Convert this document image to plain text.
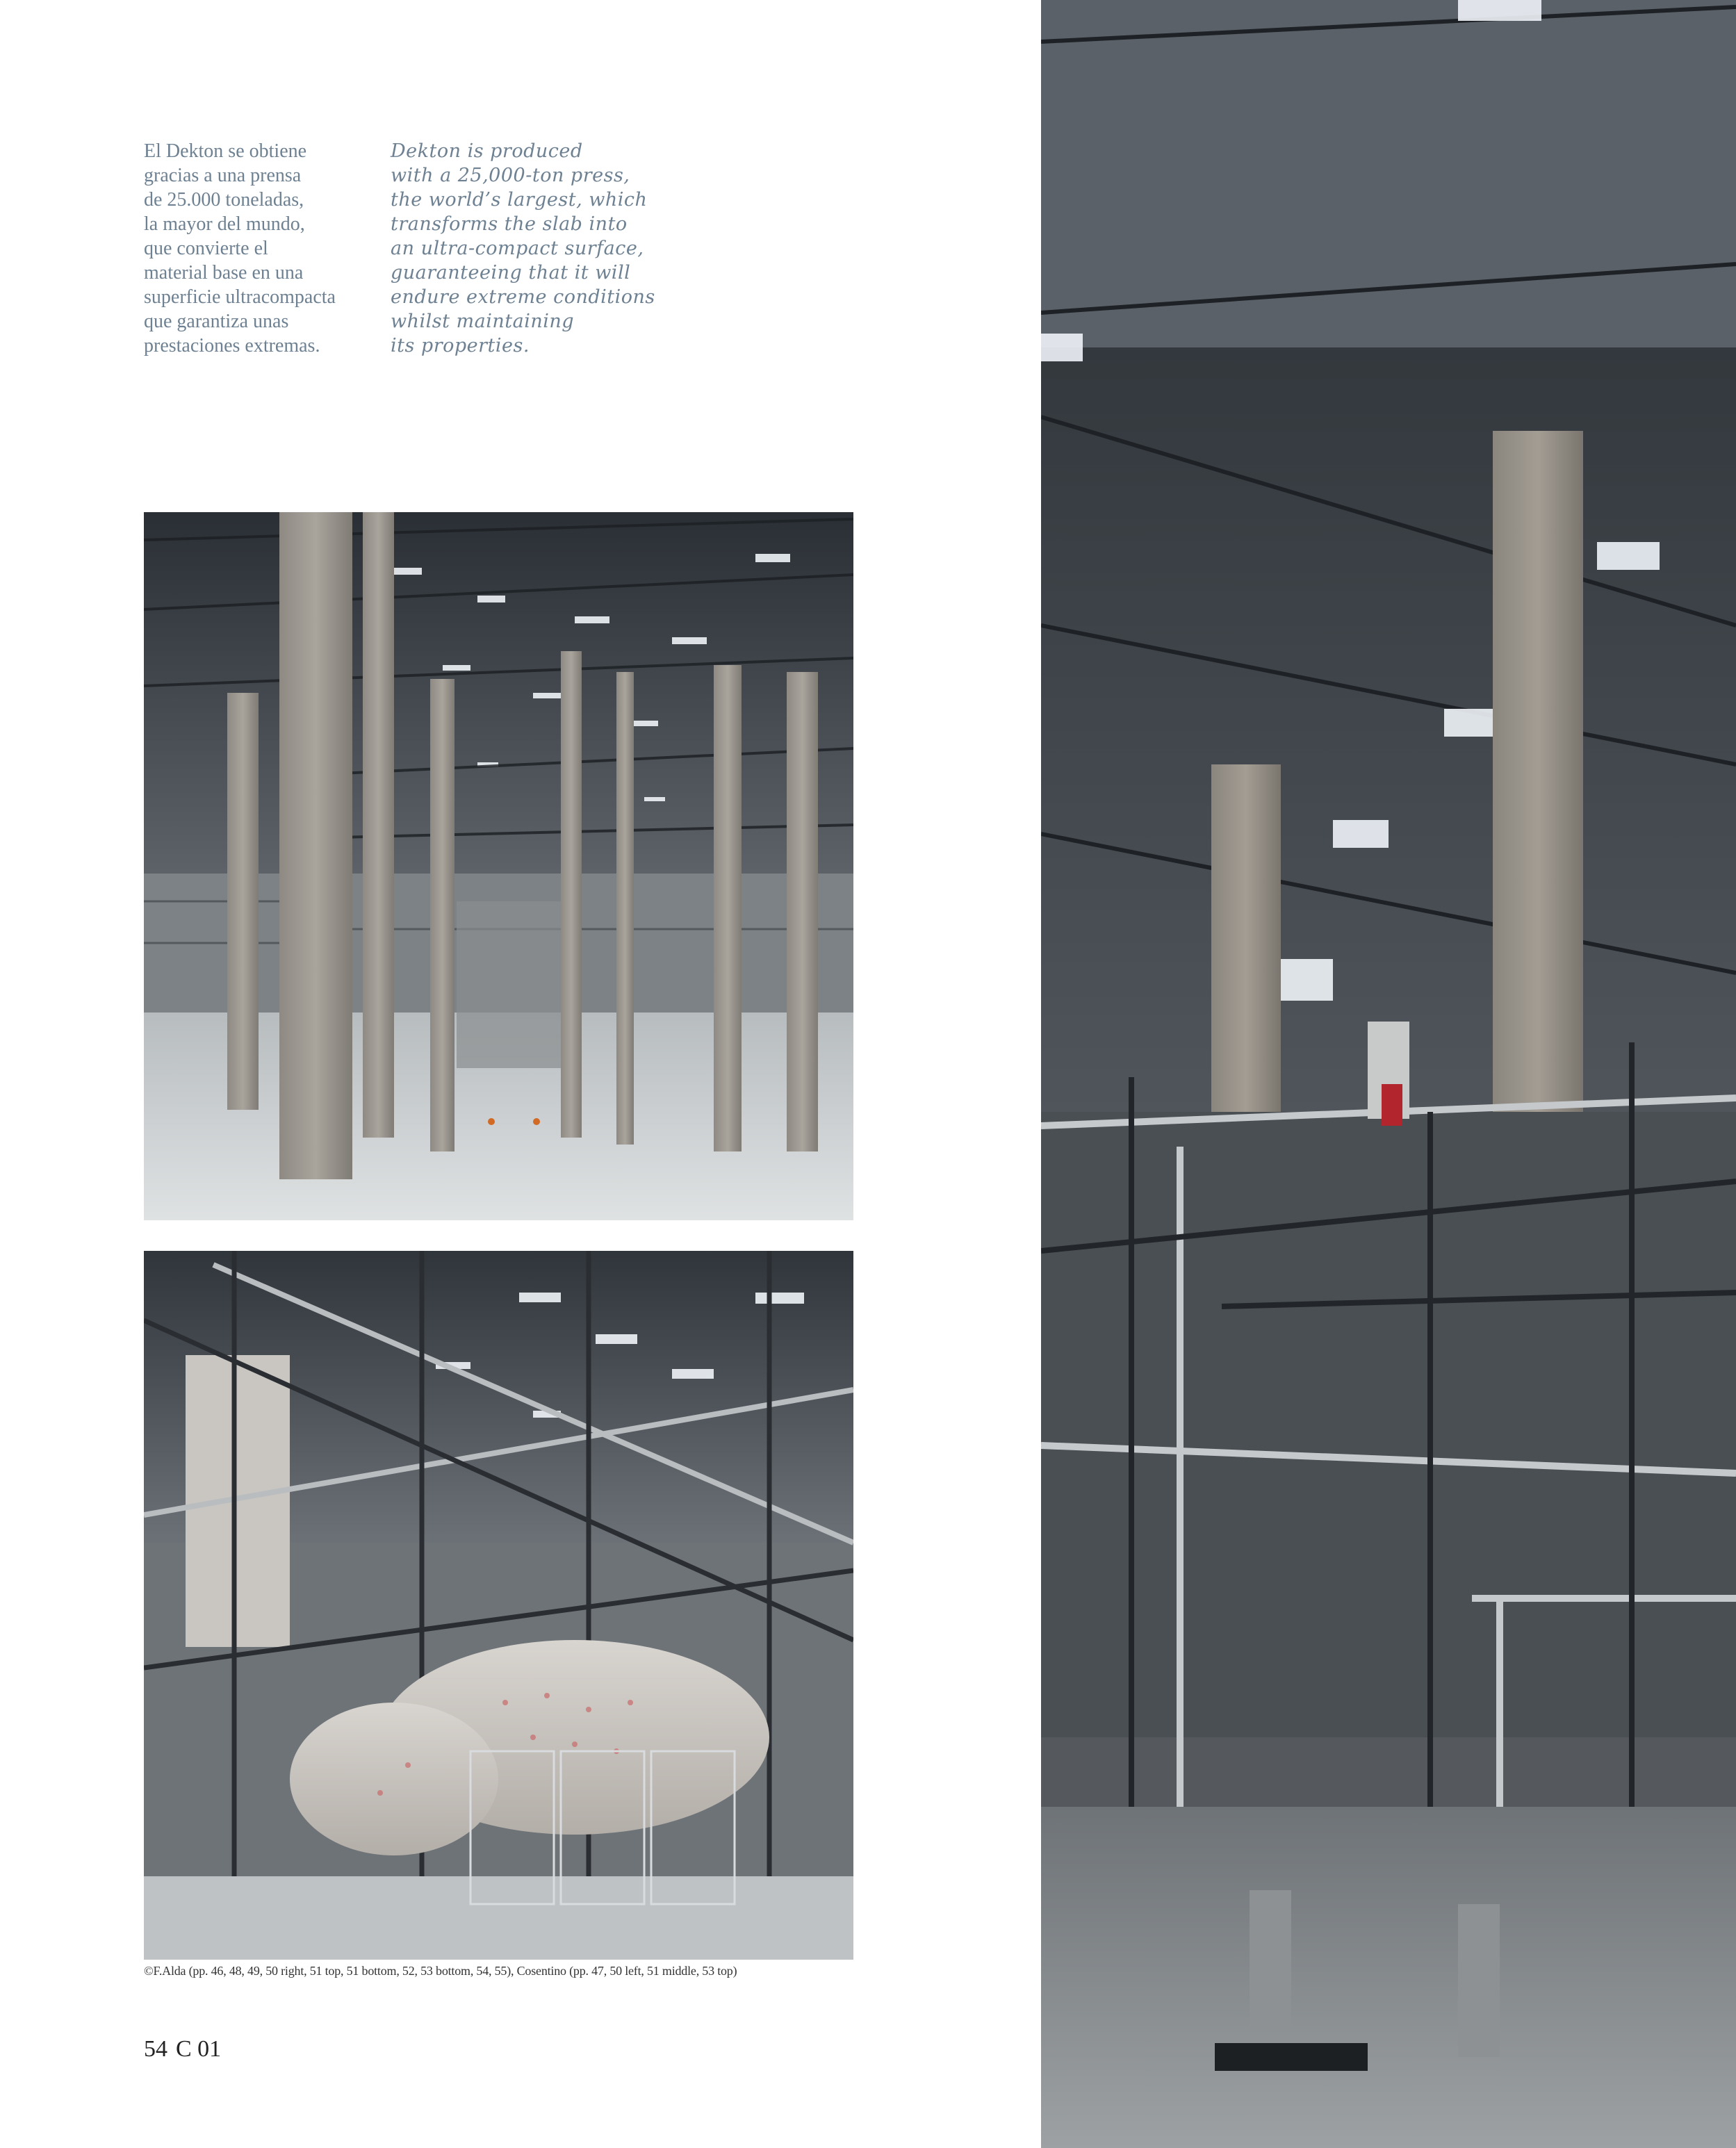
El Dekton se obtiene
gracias a una prensa
de 25.000 toneladas,
la mayor del mundo,
que convierte el
material base en una
superficie ultracompacta
que garantiza unas
prestaciones extremas.
Dekton is produced
with a 25,000-ton press,
the world’s largest, which
transforms the slab into
an ultra-compact surface,
guaranteeing that it will
endure extreme conditions
whilst maintaining
its properties.
©F.Alda (pp. 46, 48, 49, 50 right, 51 top, 51 bottom, 52, 53 bottom, 54, 55), Cosentino (pp. 47, 50 left, 51 middle, 53 top)
54 C 01
